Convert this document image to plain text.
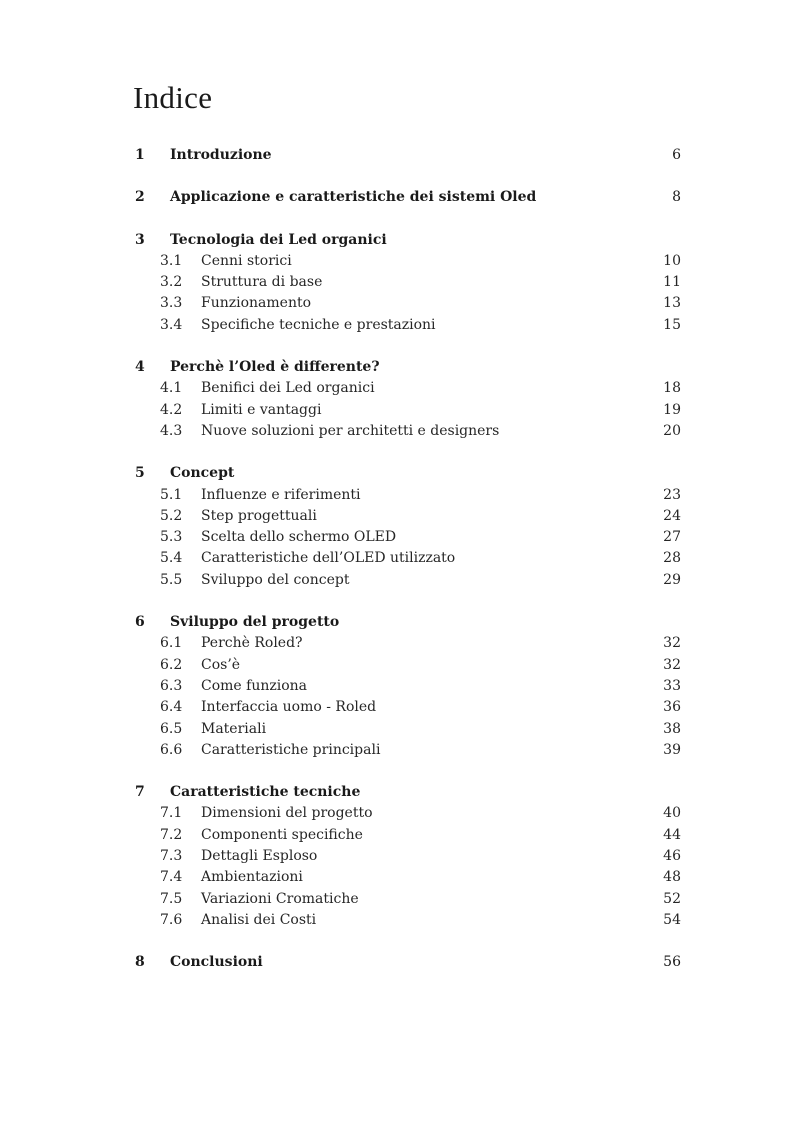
Indice
1	Introduzione	6
2	Applicazione e caratteristiche dei sistemi Oled	8
3	Tecnologia dei Led organici
3.1	Cenni storici	10
3.2	Struttura di base	11
3.3	Funzionamento	13
3.4	Specifiche tecniche e prestazioni	15
4	Perchè l’Oled è differente?
4.1	Benifici dei Led organici	18
4.2	Limiti e vantaggi	19
4.3	Nuove soluzioni per architetti e designers	20
5	Concept
5.1	Influenze e riferimenti	23
5.2	Step progettuali	24
5.3	Scelta dello schermo OLED	27
5.4	Caratteristiche dell’OLED utilizzato	28
5.5	Sviluppo del concept	29
6	Sviluppo del progetto
6.1	Perchè Roled?	32
6.2	Cos’è	32
6.3	Come funziona	33
6.4	Interfaccia uomo - Roled	36
6.5	Materiali	38
6.6	Caratteristiche principali	39
7	Caratteristiche tecniche
7.1	Dimensioni del progetto	40
7.2	Componenti specifiche	44
7.3	Dettagli Esploso	46
7.4	Ambientazioni	48
7.5	Variazioni Cromatiche	52
7.6	Analisi dei Costi	54
8	Conclusioni	56
